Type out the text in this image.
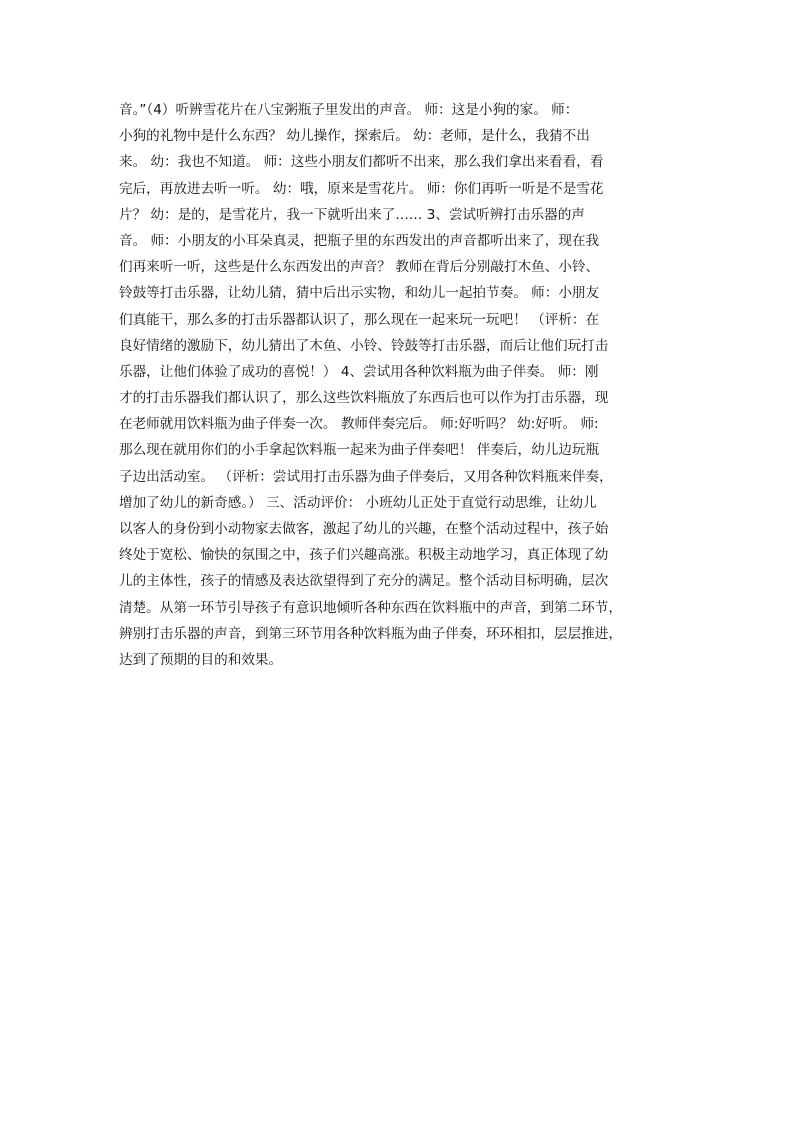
音。”（4）听辨雪花片在八宝粥瓶子里发出的声音。 师：这是小狗的家。 师：
小狗的礼物中是什么东西？ 幼儿操作，探索后。 幼：老师，是什么，我猜不出
来。 幼：我也不知道。 师：这些小朋友们都听不出来，那么我们拿出来看看，看
完后，再放进去听一听。 幼：哦，原来是雪花片。 师：你们再听一听是不是雪花
片？ 幼：是的，是雪花片，我一下就听出来了…… 3、尝试听辨打击乐器的声
音。 师：小朋友的小耳朵真灵，把瓶子里的东西发出的声音都听出来了，现在我
们再来听一听，这些是什么东西发出的声音？ 教师在背后分别敲打木鱼、小铃、
铃鼓等打击乐器，让幼儿猜，猜中后出示实物，和幼儿一起拍节奏。 师：小朋友
们真能干，那么多的打击乐器都认识了，那么现在一起来玩一玩吧！ （评析：在
良好情绪的激励下，幼儿猜出了木鱼、小铃、铃鼓等打击乐器，而后让他们玩打击
乐器，让他们体验了成功的喜悦！） 4、尝试用各种饮料瓶为曲子伴奏。 师：刚
才的打击乐器我们都认识了，那么这些饮料瓶放了东西后也可以作为打击乐器，现
在老师就用饮料瓶为曲子伴奏一次。 教师伴奏完后。 师:好听吗？ 幼:好听。 师:
那么现在就用你们的小手拿起饮料瓶一起来为曲子伴奏吧！ 伴奏后，幼儿边玩瓶
子边出活动室。 （评析：尝试用打击乐器为曲子伴奏后，又用各种饮料瓶来伴奏，
增加了幼儿的新奇感。） 三、活动评价： 小班幼儿正处于直觉行动思维，让幼儿
以客人的身份到小动物家去做客，激起了幼儿的兴趣，在整个活动过程中，孩子始
终处于宽松、愉快的氛围之中，孩子们兴趣高涨。积极主动地学习，真正体现了幼
儿的主体性，孩子的情感及表达欲望得到了充分的满足。整个活动目标明确，层次
清楚。从第一环节引导孩子有意识地倾听各种东西在饮料瓶中的声音，到第二环节，
辨别打击乐器的声音，到第三环节用各种饮料瓶为曲子伴奏，环环相扣，层层推进，
达到了预期的目的和效果。
